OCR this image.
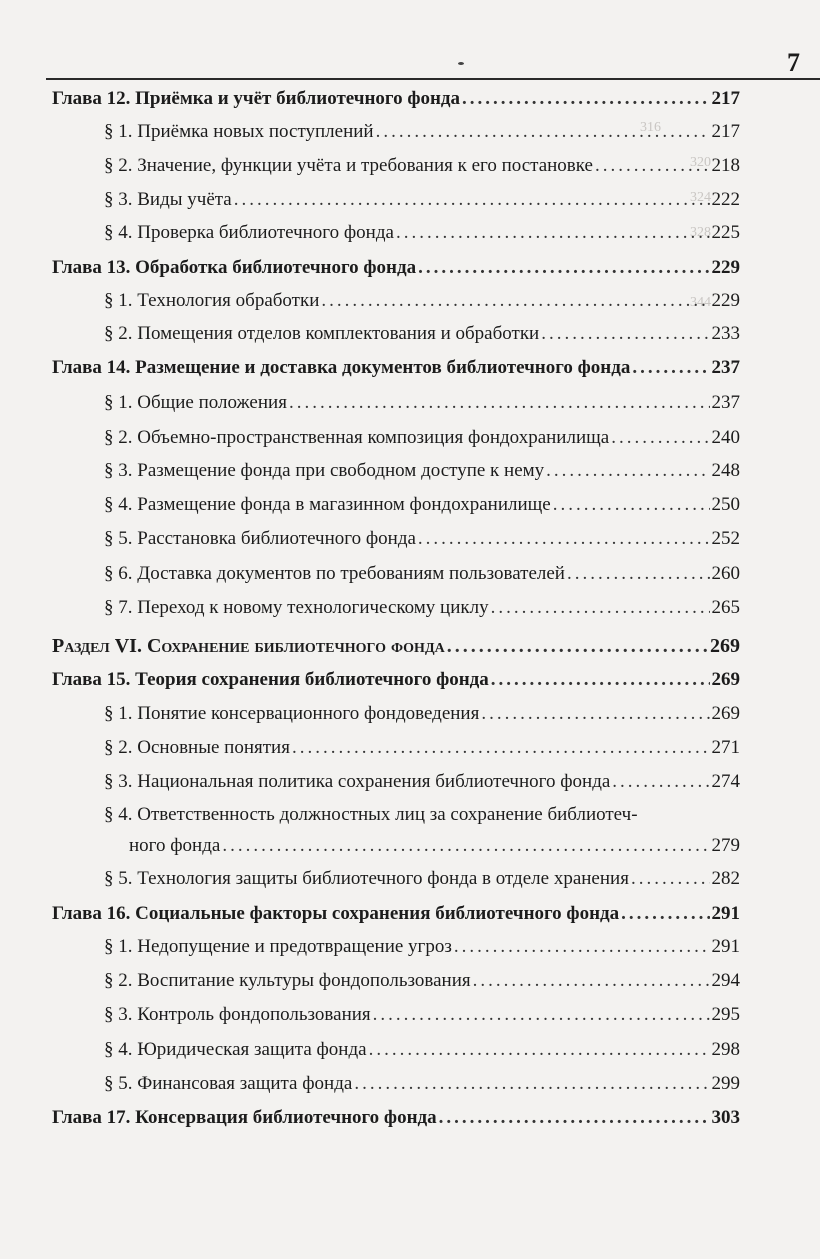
316
320
324
328
344
7
Глава 12. Приёмка и учёт библиотечного фонда .....	217
§ 1. Приёмка новых поступлений .....	217
§ 2. Значение, функции учёта и требования к его постановке .....	218
§ 3. Виды учёта .....	222
§ 4. Проверка библиотечного фонда .....	225
Глава 13. Обработка библиотечного фонда .....	229
§ 1. Технология обработки .....	229
§ 2. Помещения отделов комплектования и обработки .....	233
Глава 14. Размещение и доставка документов библиотечного фонда .....	237
§ 1. Общие положения .....	237
§ 2. Объемно-пространственная композиция фондохранилища .....	240
§ 3. Размещение фонда при свободном доступе к нему .....	248
§ 4. Размещение фонда в магазинном фондохранилище .....	250
§ 5. Расстановка библиотечного фонда .....	252
§ 6. Доставка документов по требованиям пользователей .....	260
§ 7. Переход к новому технологическому циклу .....	265
Раздел VI. Сохранение библиотечного фонда .....	269
Глава 15. Теория сохранения библиотечного фонда .....	269
§ 1. Понятие консервационного фондоведения .....	269
§ 2. Основные понятия .....	271
§ 3. Национальная политика сохранения библиотечного фонда .....	274
§ 4. Ответственность должностных лиц за сохранение библиотеч-
ного фонда .....	279
§ 5. Технология защиты библиотечного фонда в отделе хранения .....	282
Глава 16. Социальные факторы сохранения библиотечного фонда .....	291
§ 1. Недопущение и предотвращение угроз .....	291
§ 2. Воспитание культуры фондопользования .....	294
§ 3. Контроль фондопользования .....	295
§ 4. Юридическая защита фонда .....	298
§ 5. Финансовая защита фонда .....	299
Глава 17. Консервация библиотечного фонда .....	303
